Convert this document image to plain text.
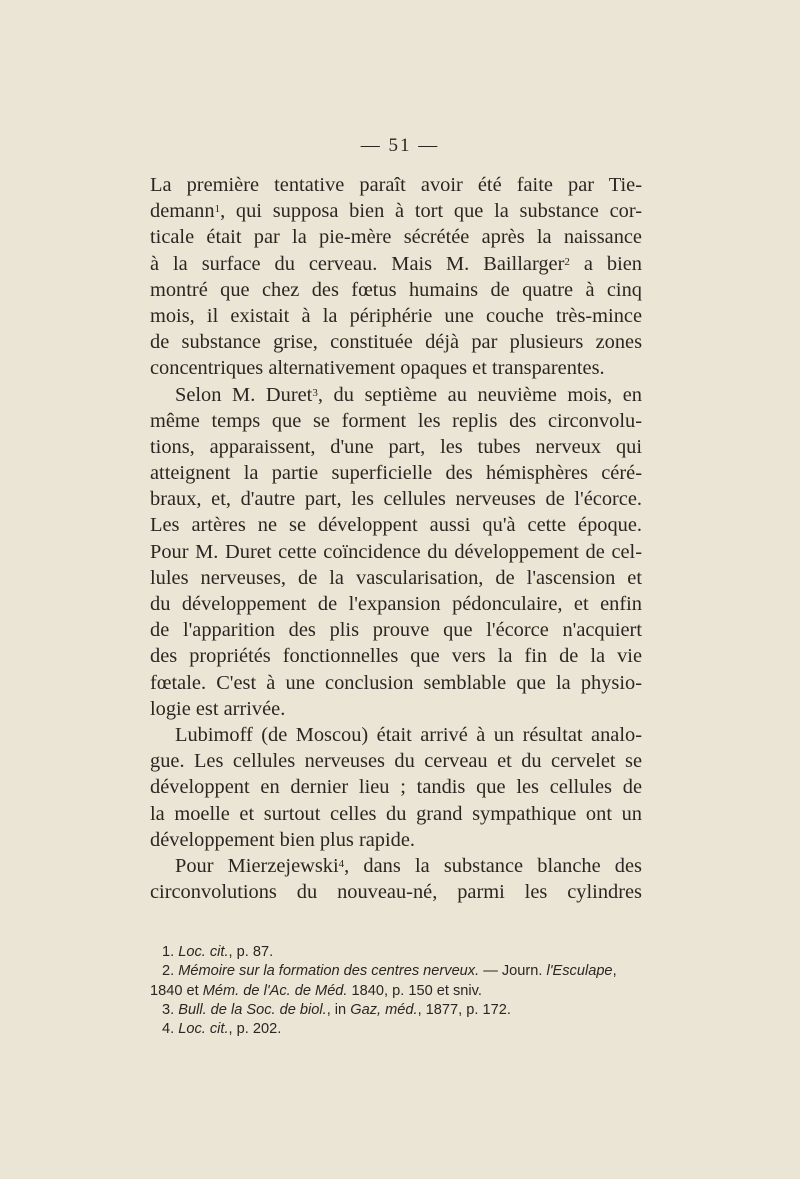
— 51 —
La première tentative paraît avoir été faite par Tie-
demann$^1$, qui supposa bien à tort que la substance cor-
ticale était par la pie-mère sécrétée après la naissance
à la surface du cerveau. Mais M. Baillarger$^2$ a bien
montré que chez des fœtus humains de quatre à cinq
mois, il existait à la périphérie une couche très-mince
de substance grise, constituée déjà par plusieurs zones
concentriques alternativement opaques et transparentes.
Selon M. Duret$^3$, du septième au neuvième mois, en
même temps que se forment les replis des circonvolu-
tions, apparaissent, d'une part, les tubes nerveux qui
atteignent la partie superficielle des hémisphères céré-
braux, et, d'autre part, les cellules nerveuses de l'écorce.
Les artères ne se développent aussi qu'à cette époque.
Pour M. Duret cette coïncidence du développement de cel-
lules nerveuses, de la vascularisation, de l'ascension et
du développement de l'expansion pédonculaire, et enfin
de l'apparition des plis prouve que l'écorce n'acquiert
des propriétés fonctionnelles que vers la fin de la vie
fœtale. C'est à une conclusion semblable que la physio-
logie est arrivée.
Lubimoff (de Moscou) était arrivé à un résultat analo-
gue. Les cellules nerveuses du cerveau et du cervelet se
développent en dernier lieu ; tandis que les cellules de
la moelle et surtout celles du grand sympathique ont un
développement bien plus rapide.
Pour Mierzejewski$^4$, dans la substance blanche des
circonvolutions du nouveau-né, parmi les cylindres
1. Loc. cit., p. 87.
2. Mémoire sur la formation des centres nerveux. — Journ. l'Esculape,
1840 et Mém. de l'Ac. de Méd. 1840, p. 150 et sniv.
3. Bull. de la Soc. de biol., in Gaz, méd., 1877, p. 172.
4. Loc. cit., p. 202.
